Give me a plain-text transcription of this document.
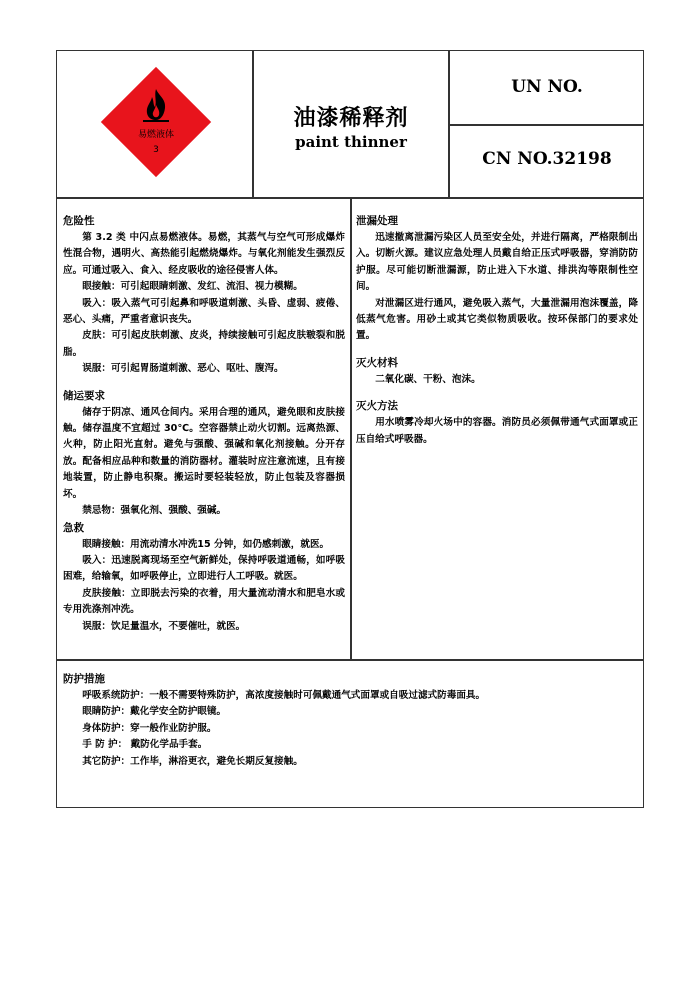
易燃液体
3
油漆稀释剂
paint thinner
UN NO.
CN NO.32198
危险性

第 3.2 类 中闪点易燃液体。易燃，其蒸气与空气可形成爆炸性混合物，遇明火、高热能引起燃烧爆炸。与氧化剂能发生强烈反应。可通过吸入、食入、经皮吸收的途径侵害人体。

眼接触：可引起眼睛刺激、发红、流泪、视力模糊。

吸入：吸入蒸气可引起鼻和呼吸道刺激、头昏、虚弱、疲倦、恶心、头痛，严重者意识丧失。

皮肤：可引起皮肤刺激、皮炎，持续接触可引起皮肤皲裂和脱脂。

误服：可引起胃肠道刺激、恶心、呕吐、腹泻。

储运要求

储存于阴凉、通风仓间内。采用合理的通风，避免眼和皮肤接触。储存温度不宜超过 30℃。空容器禁止动火切割。远离热源、火种，防止阳光直射。避免与强酸、强碱和氧化剂接触。分开存放。配备相应品种和数量的消防器材。灌装时应注意流速，且有接地装置，防止静电积聚。搬运时要轻装轻放，防止包装及容器损坏。

禁忌物：强氧化剂、强酸、强碱。

急救

眼睛接触：用流动清水冲洗15 分钟，如仍感刺激，就医。

吸入：迅速脱离现场至空气新鲜处，保持呼吸道通畅，如呼吸困难，给输氧，如呼吸停止，立即进行人工呼吸。就医。

皮肤接触：立即脱去污染的衣着，用大量流动清水和肥皂水或专用洗涤剂冲洗。

误服：饮足量温水，不要催吐，就医。

泄漏处理

迅速撤离泄漏污染区人员至安全处，并进行隔离，严格限制出入。切断火源。建议应急处理人员戴自给正压式呼吸器，穿消防防护服。尽可能切断泄漏源，防止进入下水道、排洪沟等限制性空间。

对泄漏区进行通风，避免吸入蒸气，大量泄漏用泡沫覆盖，降低蒸气危害。用砂土或其它类似物质吸收。按环保部门的要求处置。

灭火材料

二氧化碳、干粉、泡沫。

灭火方法

用水喷雾冷却火场中的容器。消防员必须佩带通气式面罩或正压自给式呼吸器。

防护措施

呼吸系统防护：一般不需要特殊防护，高浓度接触时可佩戴通气式面罩或自吸过滤式防毒面具。

眼睛防护：戴化学安全防护眼镜。

身体防护：穿一般作业防护服。

手 防 护： 戴防化学品手套。

其它防护：工作毕，淋浴更衣，避免长期反复接触。
